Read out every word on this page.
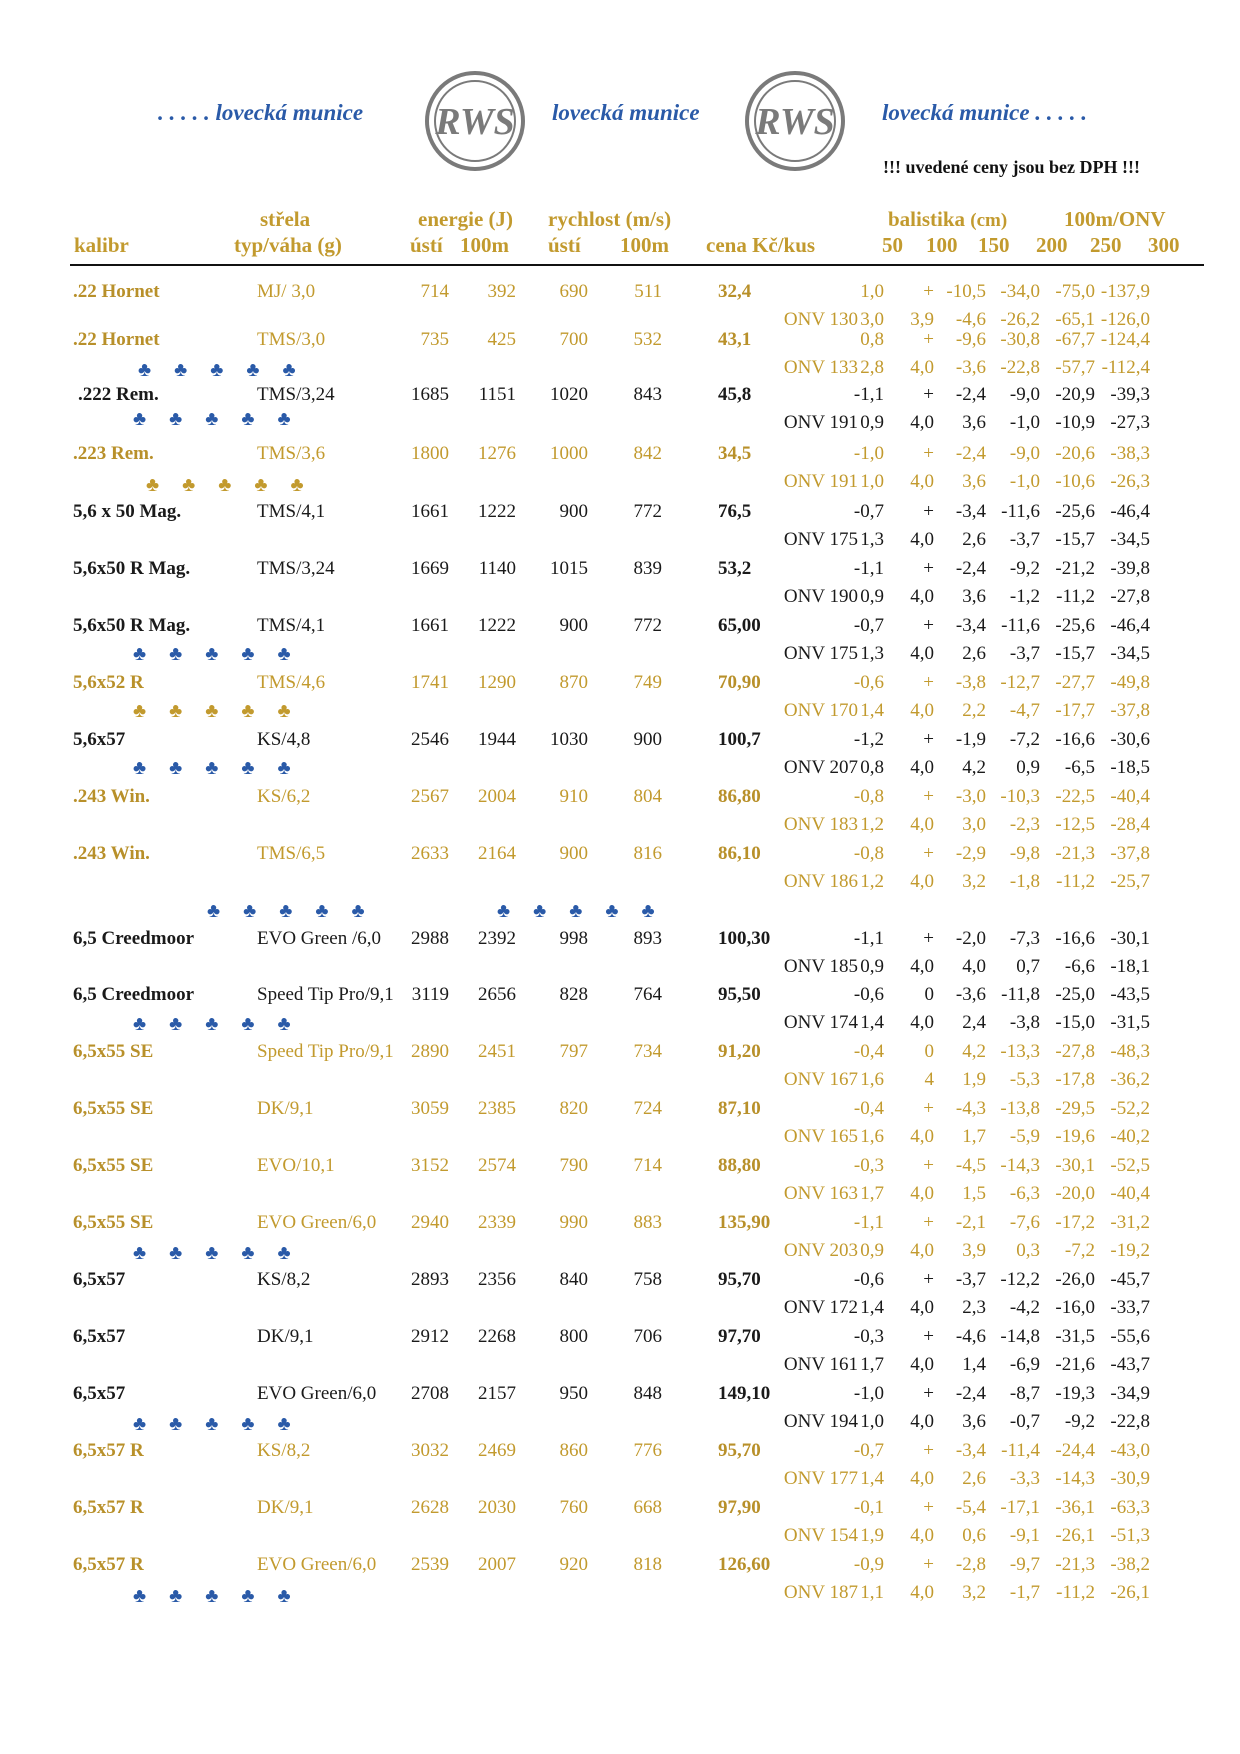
. . . . . lovecká munice RWS lovecká munice RWS lovecká munice . . . . .
!!! uvedené ceny jsou bez DPH !!!
střela	energie (J) rychlost (m/s)	balistika (cm)	100m/ONV
kalibr	typ/váha (g)	ústí 100m ústí 100m cena Kč/kus	50 100 150 200 250 300
.22 Hornet	MJ/ 3,0	714 392 690 511	32,4	1,0 + -10,5 -34,0 -75,0 -137,9
ONV 130 3,0 3,9 -4,6 -26,2 -65,1 -126,0
.22 Hornet	TMS/3,0	735 425 700 532	43,1	0,8 + -9,6 -30,8 -67,7 -124,4
ONV 133 2,8 4,0 -3,6 -22,8 -57,7 -112,4
.222 Rem.	TMS/3,24	1685 1151 1020 843	45,8	-1,1 + -2,4 -9,0 -20,9 -39,3
ONV 191 0,9 4,0 3,6 -1,0 -10,9 -27,3
.223 Rem.	TMS/3,6	1800 1276 1000 842	34,5	-1,0 + -2,4 -9,0 -20,6 -38,3
ONV 191 1,0 4,0 3,6 -1,0 -10,6 -26,3
5,6 x 50 Mag.	TMS/4,1	1661 1222 900 772	76,5	-0,7 + -3,4 -11,6 -25,6 -46,4
ONV 175 1,3 4,0 2,6 -3,7 -15,7 -34,5
5,6x50 R Mag.	TMS/3,24	1669 1140 1015 839	53,2	-1,1 + -2,4 -9,2 -21,2 -39,8
ONV 190 0,9 4,0 3,6 -1,2 -11,2 -27,8
5,6x50 R Mag.	TMS/4,1	1661 1222 900 772	65,00	-0,7 + -3,4 -11,6 -25,6 -46,4
ONV 175 1,3 4,0 2,6 -3,7 -15,7 -34,5
5,6x52 R	TMS/4,6	1741 1290 870 749	70,90	-0,6 + -3,8 -12,7 -27,7 -49,8
ONV 170 1,4 4,0 2,2 -4,7 -17,7 -37,8
5,6x57	KS/4,8	2546 1944 1030 900	100,7	-1,2 + -1,9 -7,2 -16,6 -30,6
ONV 207 0,8 4,0 4,2 0,9 -6,5 -18,5
.243 Win.	KS/6,2	2567 2004 910 804	86,80	-0,8 + -3,0 -10,3 -22,5 -40,4
ONV 183 1,2 4,0 3,0 -2,3 -12,5 -28,4
.243 Win.	TMS/6,5	2633 2164 900 816	86,10	-0,8 + -2,9 -9,8 -21,3 -37,8
ONV 186 1,2 4,0 3,2 -1,8 -11,2 -25,7
6,5 Creedmoor	EVO Green /6,0 2988 2392 998 893	100,30	-1,1 + -2,0 -7,3 -16,6 -30,1
ONV 185 0,9 4,0 4,0 0,7 -6,6 -18,1
6,5 Creedmoor	Speed Tip Pro/9,1 3119 2656 828 764	95,50	-0,6 0 -3,6 -11,8 -25,0 -43,5
ONV 174 1,4 4,0 2,4 -3,8 -15,0 -31,5
6,5x55 SE	Speed Tip Pro/9,1 2890 2451 797 734	91,20	-0,4 0 4,2 -13,3 -27,8 -48,3
ONV 167 1,6 4 1,9 -5,3 -17,8 -36,2
6,5x55 SE	DK/9,1	3059 2385 820 724	87,10	-0,4 + -4,3 -13,8 -29,5 -52,2
ONV 165 1,6 4,0 1,7 -5,9 -19,6 -40,2
6,5x55 SE	EVO/10,1	3152 2574 790 714	88,80	-0,3 + -4,5 -14,3 -30,1 -52,5
ONV 163 1,7 4,0 1,5 -6,3 -20,0 -40,4
6,5x55 SE	EVO Green/6,0 2940 2339 990 883	135,90	-1,1 + -2,1 -7,6 -17,2 -31,2
ONV 203 0,9 4,0 3,9 0,3 -7,2 -19,2
6,5x57	KS/8,2	2893 2356 840 758	95,70	-0,6 + -3,7 -12,2 -26,0 -45,7
ONV 172 1,4 4,0 2,3 -4,2 -16,0 -33,7
6,5x57	DK/9,1	2912 2268 800 706	97,70	-0,3 + -4,6 -14,8 -31,5 -55,6
ONV 161 1,7 4,0 1,4 -6,9 -21,6 -43,7
6,5x57	EVO Green/6,0 2708 2157 950 848	149,10	-1,0 + -2,4 -8,7 -19,3 -34,9
ONV 194 1,0 4,0 3,6 -0,7 -9,2 -22,8
6,5x57 R	KS/8,2	3032 2469 860 776	95,70	-0,7 + -3,4 -11,4 -24,4 -43,0
ONV 177 1,4 4,0 2,6 -3,3 -14,3 -30,9
6,5x57 R	DK/9,1	2628 2030 760 668	97,90	-0,1 + -5,4 -17,1 -36,1 -63,3
ONV 154 1,9 4,0 0,6 -9,1 -26,1 -51,3
6,5x57 R	EVO Green/6,0 2539 2007 920 818	126,60	-0,9 + -2,8 -9,7 -21,3 -38,2
ONV 187 1,1 4,0 3,2 -1,7 -11,2 -26,1
♣ ♣ ♣ ♣ ♣
♣ ♣ ♣ ♣ ♣
♣ ♣ ♣ ♣ ♣
♣ ♣ ♣ ♣ ♣
♣ ♣ ♣ ♣ ♣
♣ ♣ ♣ ♣ ♣
♣ ♣ ♣ ♣ ♣	♣ ♣ ♣ ♣ ♣
♣ ♣ ♣ ♣ ♣
♣ ♣ ♣ ♣ ♣
♣ ♣ ♣ ♣ ♣
♣ ♣ ♣ ♣ ♣
